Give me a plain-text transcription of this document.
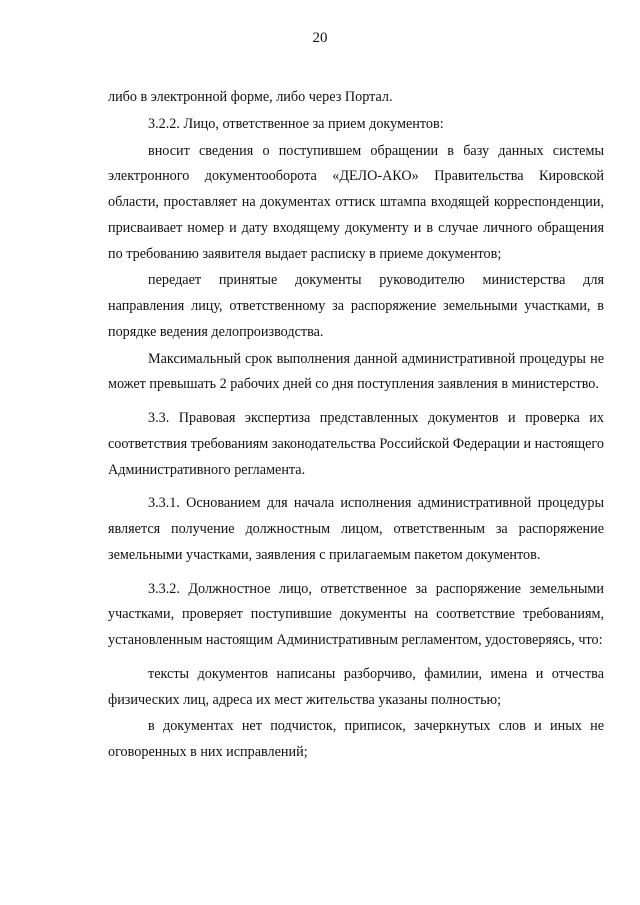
20

либо в электронной форме, либо через Портал.

3.2.2. Лицо, ответственное за прием документов:

вносит сведения о поступившем обращении в базу данных системы электронного документооборота «ДЕЛО-АКО» Правительства Кировской области, проставляет на документах оттиск штампа входящей корреспонденции, присваивает номер и дату входящему документу и в случае личного обращения по требованию заявителя выдает расписку в приеме документов;

передает принятые документы руководителю министерства для направления лицу, ответственному за распоряжение земельными участками, в порядке ведения делопроизводства.

Максимальный срок выполнения данной административной процедуры не может превышать 2 рабочих дней со дня поступления заявления в министерство.

3.3. Правовая экспертиза представленных документов и проверка их соответствия требованиям законодательства Российской Федерации и настоящего Административного регламента.

3.3.1. Основанием для начала исполнения административной процедуры является получение должностным лицом, ответственным за распоряжение земельными участками, заявления с прилагаемым пакетом документов.

3.3.2. Должностное лицо, ответственное за распоряжение земельными участками, проверяет поступившие документы на соответствие требованиям, установленным настоящим Административным регламентом, удостоверяясь, что:

тексты документов написаны разборчиво, фамилии, имена и отчества физических лиц, адреса их мест жительства указаны полностью;

в документах нет подчисток, приписок, зачеркнутых слов и иных не оговоренных в них исправлений;
